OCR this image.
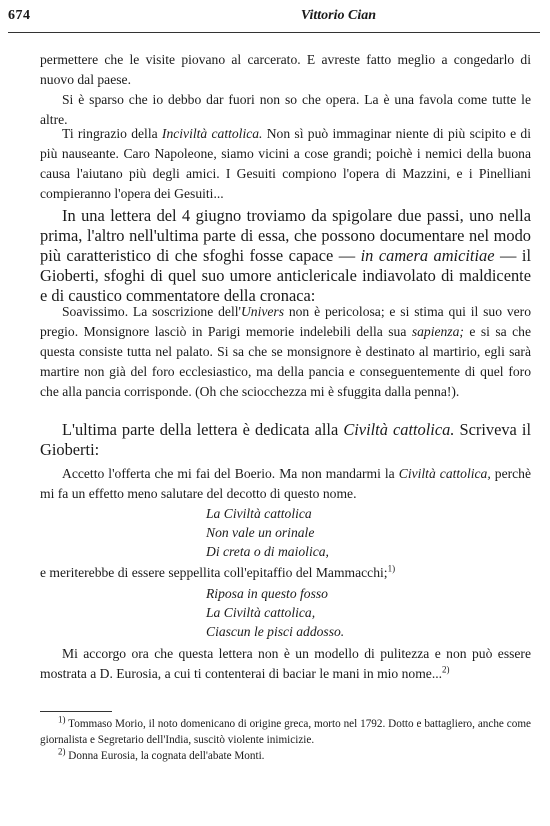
674	Vittorio Cian

permettere che le visite piovano al carcerato. E avreste fatto meglio a congedarlo di nuovo dal paese.

Si è sparso che io debbo dar fuori non so che opera. La è una favola come tutte le altre.

Ti ringrazio della Inciviltà cattolica. Non sì può immaginar niente di più scipito e di più nauseante. Caro Napoleone, siamo vicini a cose grandi; poichè i nemici della buona causa l'aiutano più degli amici. I Gesuiti compiono l'opera di Mazzini, e i Pinelliani compieranno l'opera dei Gesuiti...

In una lettera del 4 giugno troviamo da spigolare due passi, uno nella prima, l'altro nell'ultima parte di essa, che possono documentare nel modo più caratteristico di che sfoghi fosse capace — in camera amicitiae — il Gioberti, sfoghi di quel suo umore anticlericale indiavolato di maldicente e di caustico commentatore della cronaca:

Soavissimo. La soscrizione dell'Univers non è pericolosa; e si stima qui il suo vero pregio. Monsignore lasciò in Parigi memorie indelebili della sua sapienza; e si sa che questa consiste tutta nel palato. Si sa che se monsignore è destinato al martirio, egli sarà martire non già del foro ecclesiastico, ma della pancia e conseguentemente di quel foro che alla pancia corrisponde. (Oh che sciocchezza mi è sfuggita dalla penna!).

L'ultima parte della lettera è dedicata alla Civiltà cattolica. Scriveva il Gioberti:

Accetto l'offerta che mi fai del Boerio. Ma non mandarmi la Civiltà cattolica, perchè mi fa un effetto meno salutare del decotto di questo nome.

La Civiltà cattolica
Non vale un orinale
Di creta o di maiolica,

e meriterebbe di essere seppellita coll'epitaffio del Mammacchi;$^{1)}$

Riposa in questo fosso
La Civiltà cattolica,
Ciascun le pisci addosso.

Mi accorgo ora che questa lettera non è un modello di pulitezza e non può essere mostrata a D. Eurosia, a cui ti contenterai di baciar le mani in mio nome...$^{2)}$

$^{1)}$ Tommaso Morio, il noto domenicano di origine greca, morto nel 1792. Dotto e battagliero, anche come giornalista e Segretario dell'India, suscitò violente inimicizie.

$^{2)}$ Donna Eurosia, la cognata dell'abate Monti.
